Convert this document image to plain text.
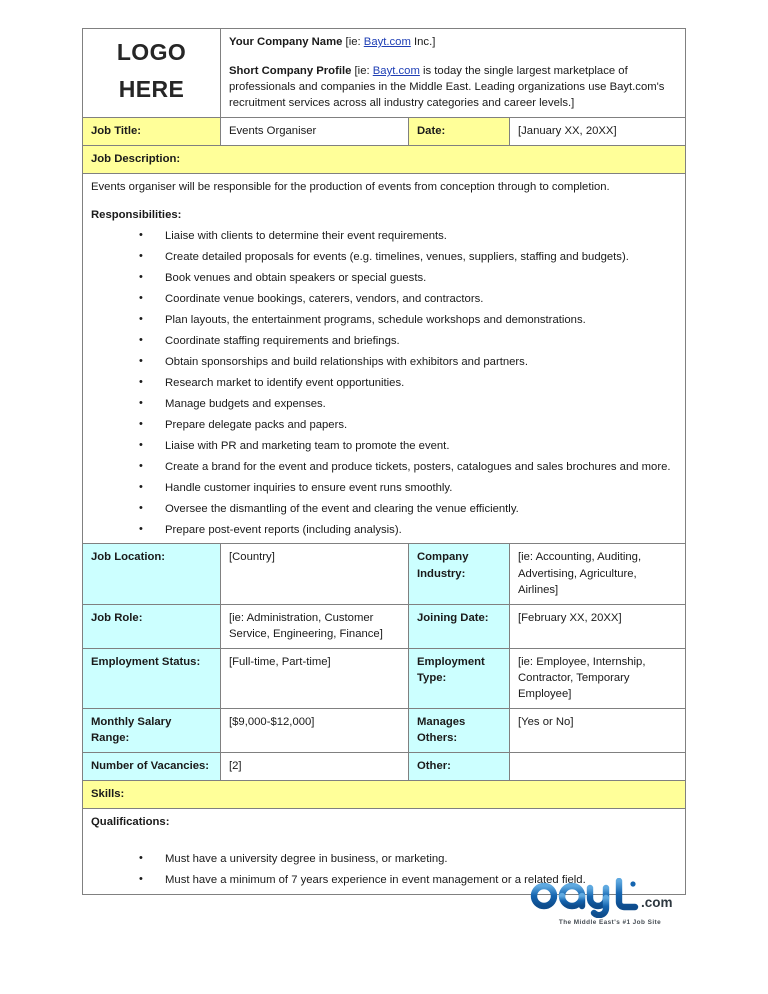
LOGO
HERE

Your Company Name [ie: Bayt.com Inc.]

Short Company Profile [ie: Bayt.com is today the single largest marketplace of professionals and companies in the Middle East. Leading organizations use Bayt.com's recruitment services across all industry categories and career levels.]

Job Title:	Events Organiser	Date:	[January XX, 20XX]
Job Description:			

Events organiser will be responsible for the production of events from conception through to completion.

Responsibilities:

• Liaise with clients to determine their event requirements.
• Create detailed proposals for events (e.g. timelines, venues, suppliers, staffing and budgets).
• Book venues and obtain speakers or special guests.
• Coordinate venue bookings, caterers, vendors, and contractors.
• Plan layouts, the entertainment programs, schedule workshops and demonstrations.
• Coordinate staffing requirements and briefings.
• Obtain sponsorships and build relationships with exhibitors and partners.
• Research market to identify event opportunities.
• Manage budgets and expenses.
• Prepare delegate packs and papers.
• Liaise with PR and marketing team to promote the event.
• Create a brand for the event and produce tickets, posters, catalogues and sales brochures and more.
• Handle customer inquiries to ensure event runs smoothly.
• Oversee the dismantling of the event and clearing the venue efficiently.
• Prepare post-event reports (including analysis).

Job Location:	[Country]	Company Industry:	[ie: Accounting, Auditing, Advertising, Agriculture, Airlines]
Job Role:	[ie: Administration, Customer Service, Engineering, Finance]	Joining Date:	[February XX, 20XX]
Employment Status:	[Full-time, Part-time]	Employment Type:	[ie: Employee, Internship, Contractor, Temporary Employee]
Monthly Salary Range:	[$9,000-$12,000]	Manages Others:	[Yes or No]
Number of Vacancies:	[2]	Other:	
Skills:			

Qualifications:

• Must have a university degree in business, or marketing.
• Must have a minimum of 7 years experience in event management or a related field.
.com
The Middle East's #1 Job Site
